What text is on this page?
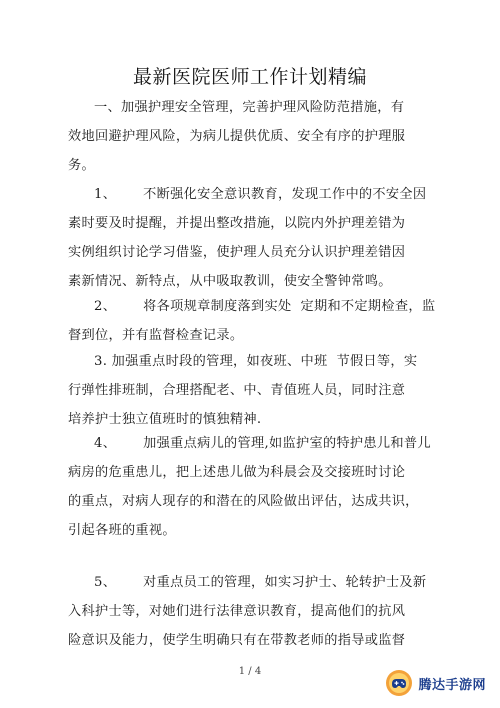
最新医院医师工作计划精编

一、加强护理安全管理，完善护理风险防范措施，有
效地回避护理风险，为病儿提供优质、安全有序的护理服
务。

1、      不断强化安全意识教育，发现工作中的不安全因
素时要及时提醒，并提出整改措施，以院内外护理差错为
实例组织讨论学习借鉴，使护理人员充分认识护理差错因
素新情况、新特点，从中吸取教训，使安全警钟常鸣。

2、      将各项规章制度落到实处  定期和不定期检查，监
督到位，并有监督检查记录。

3. 加强重点时段的管理，如夜班、中班  节假日等，实
行弹性排班制，合理搭配老、中、青值班人员，同时注意
培养护士独立值班时的慎独精神.

4、      加强重点病儿的管理,如监护室的特护患儿和普儿
病房的危重患儿，把上述患儿做为科晨会及交接班时讨论
的重点，对病人现存的和潜在的风险做出评估，达成共识，
引起各班的重视。

5、      对重点员工的管理，如实习护士、轮转护士及新
入科护士等，对她们进行法律意识教育，提高他们的抗风
险意识及能力，使学生明确只有在带教老师的指导或监督

1 / 4
腾达手游网
